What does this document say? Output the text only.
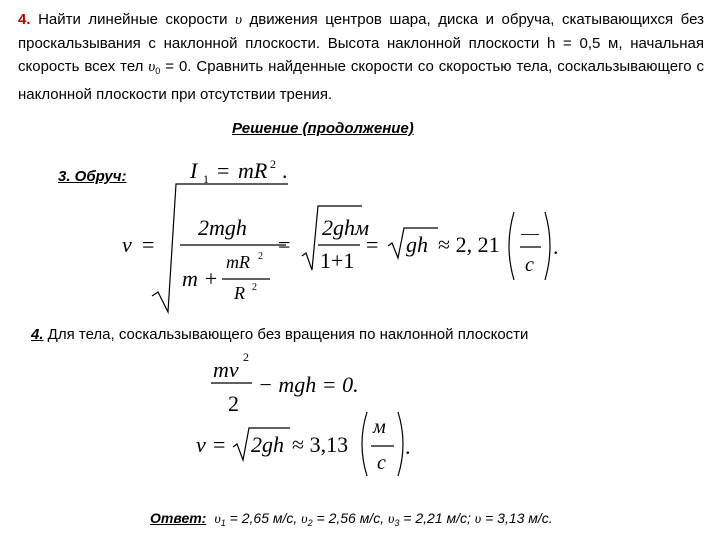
4. Найти линейные скорости υ движения центров шара, диска и обруча, скатывающихся без проскальзывания с наклонной плоскости. Высота наклонной плоскости h = 0,5 м, начальная скорость всех тел $\upsilon_0 = 0$. Сравнить найденные скорости со скоростью тела, соскальзывающего с наклонной плоскости при отсутствии трения.
Решение (продолжение)
3. Обруч:	I 1 = mR 2 .
v =
2mgh
m +
mR 2
R 2
=
2ghм
1+1
= gh ≈ 2, 21 —
c
.
4. Для тела, соскальзывающего без вращения по наклонной плоскости
mv 2
2
− mgh = 0.
v = 2gh ≈ 3,13
м
c
.
Ответ: $\upsilon_1 = 2,65$ м/с, $\upsilon_2 = 2,56$ м/с, $\upsilon_3 = 2,21$ м/с; υ = 3,13 м/с.
